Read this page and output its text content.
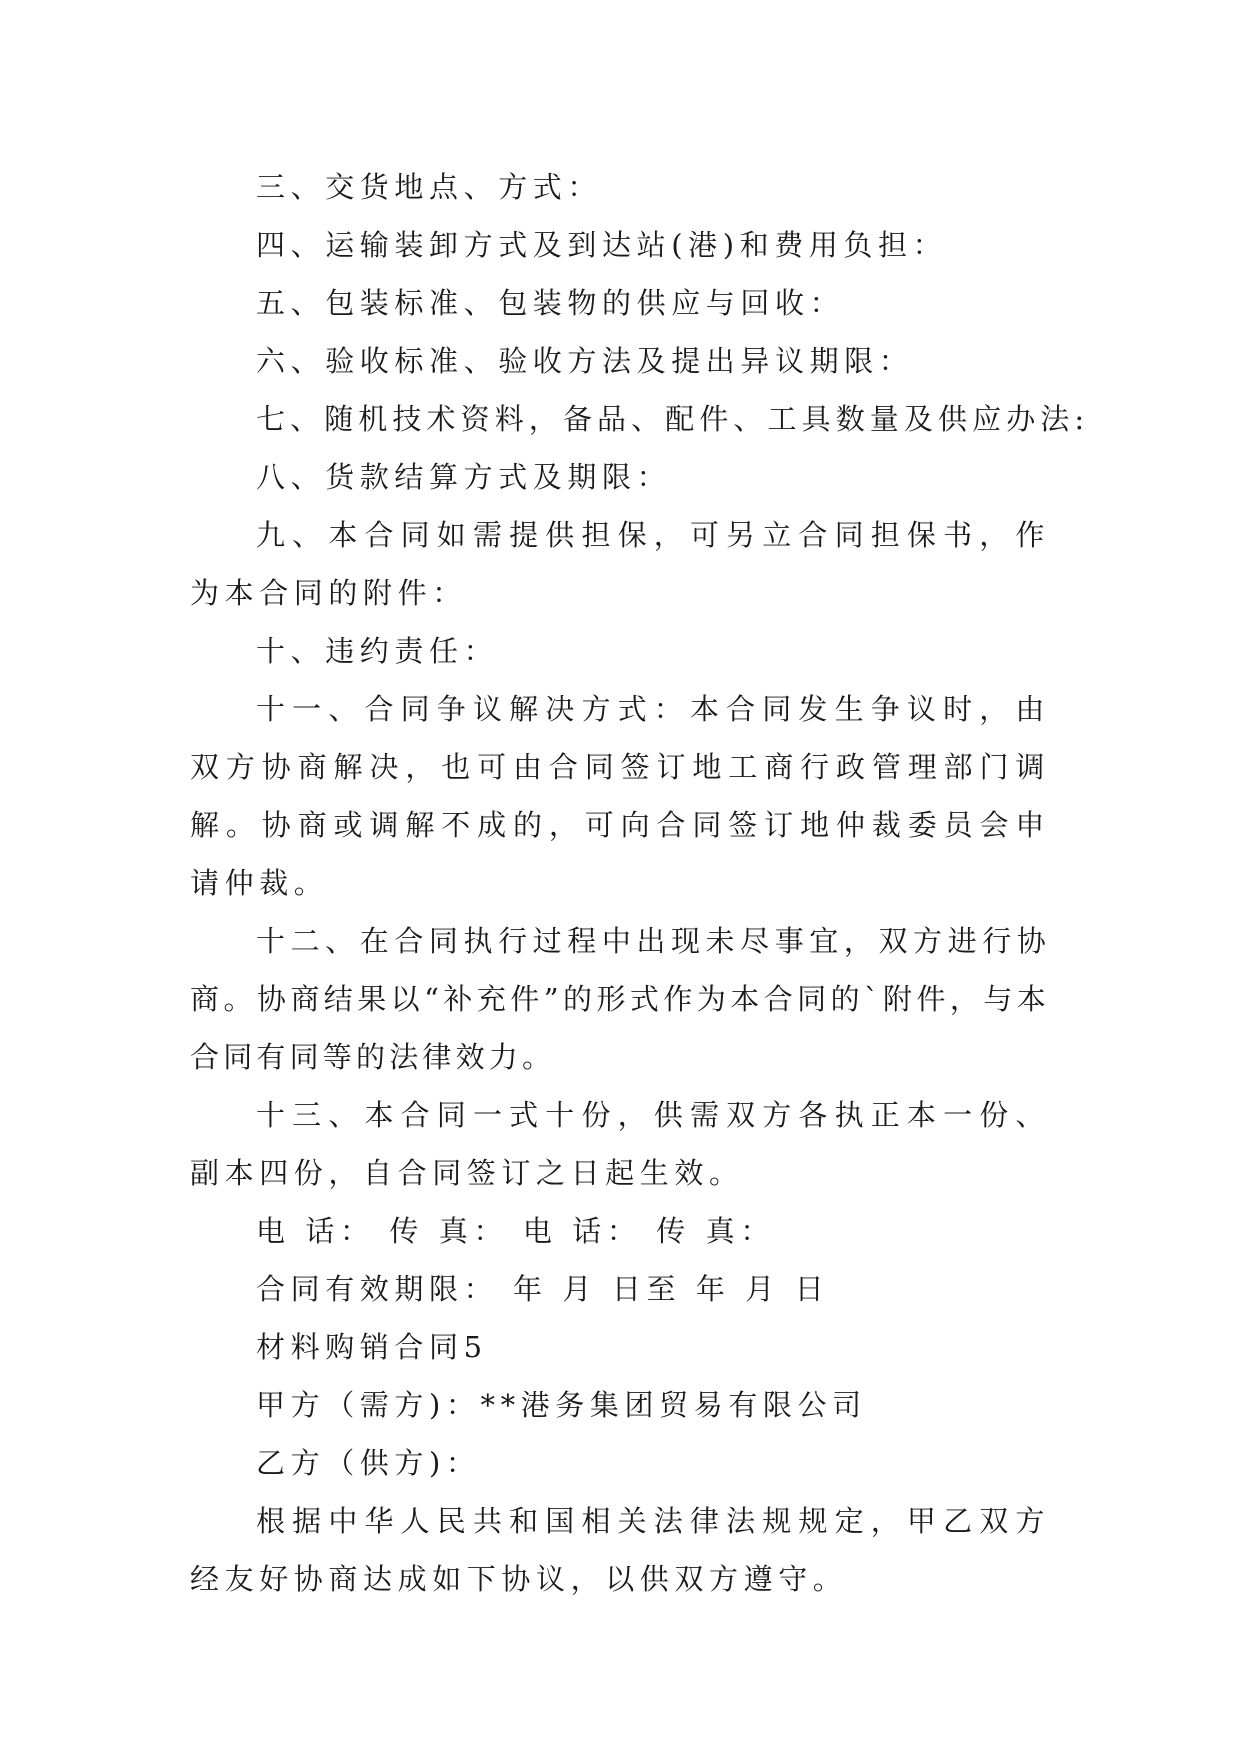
三、交货地点、方式：

四、运输装卸方式及到达站(港)和费用负担：

五、包装标准、包装物的供应与回收：

六、验收标准、验收方法及提出异议期限：

七、随机技术资料，备品、配件、工具数量及供应办法:

八、货款结算方式及期限：

九、本合同如需提供担保，可另立合同担保书，作为本合同的附件：

十、违约责任：

十一、合同争议解决方式：本合同发生争议时，由双方协商解决，也可由合同签订地工商行政管理部门调解。协商或调解不成的，可向合同签订地仲裁委员会申请仲裁。

十二、在合同执行过程中出现未尽事宜，双方进行协商。协商结果以“补充件”的形式作为本合同的`附件，与本合同有同等的法律效力。

十三、本合同一式十份，供需双方各执正本一份、副本四份，自合同签订之日起生效。

电 话： 传 真： 电 话： 传 真：

合同有效期限： 年 月 日至 年 月 日

材料购销合同5

甲方（需方)：**港务集团贸易有限公司

乙方（供方)：

根据中华人民共和国相关法律法规规定，甲乙双方经友好协商达成如下协议，以供双方遵守。
